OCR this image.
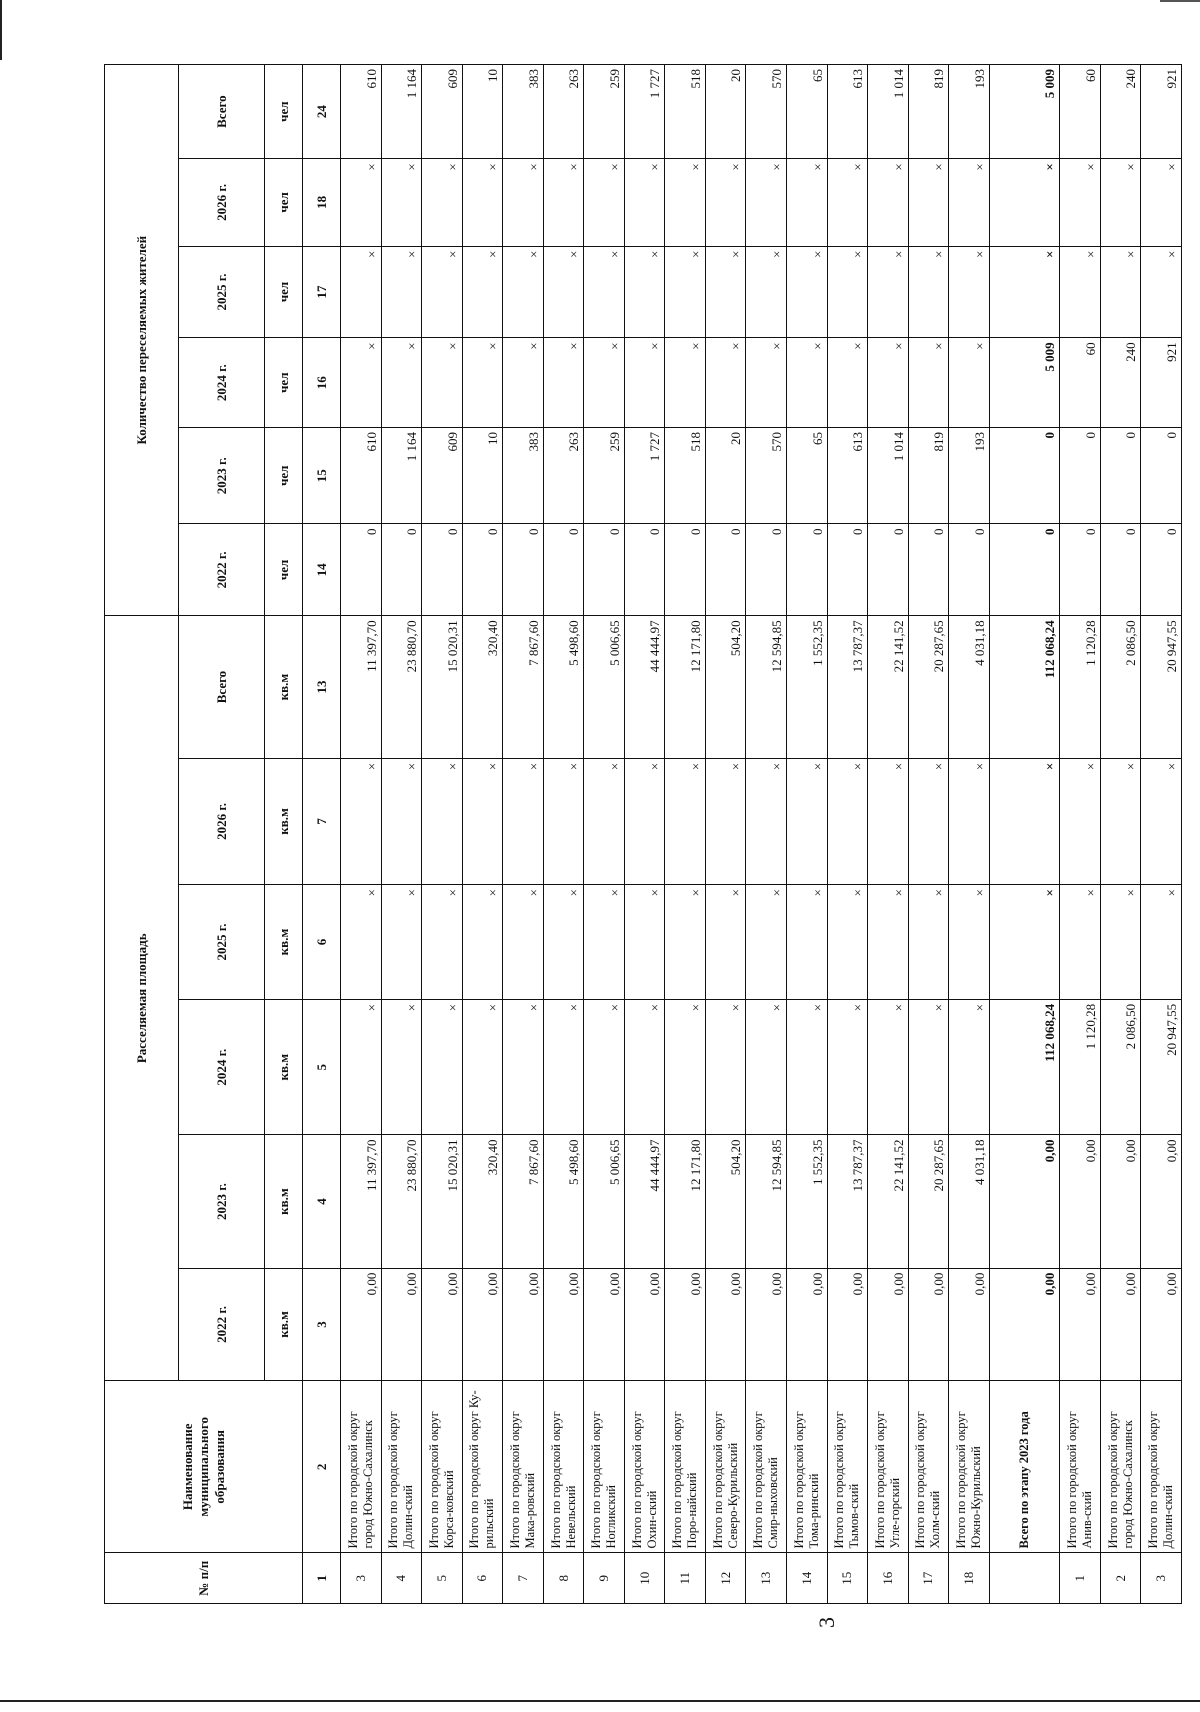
3
№ п/п	Наименование муниципального образования	Расселяемая площадь						Количество переселяемых жителей					
		2022 г.	2023 г.	2024 г.	2025 г.	2026 г.	Всего	2022 г.	2023 г.	2024 г.	2025 г.	2026 г.	Всего
		кв.м	кв.м	кв.м	кв.м	кв.м	кв.м	чел	чел	чел	чел	чел	чел
1	2	3	4	5	6	7	13	14	15	16	17	18	24
3	Итого по городской округ город Южно-Сахалинск	0,00	11 397,70	×	×	×	11 397,70	0	610	×	×	×	610
4	Итого по городской округ Долин-ский	0,00	23 880,70	×	×	×	23 880,70	0	1 164	×	×	×	1 164
5	Итого по городской округ Корса-ковский	0,00	15 020,31	×	×	×	15 020,31	0	609	×	×	×	609
6	Итого по городской округ Ку-рильский	0,00	320,40	×	×	×	320,40	0	10	×	×	×	10
7	Итого по городской округ Мака-ровский	0,00	7 867,60	×	×	×	7 867,60	0	383	×	×	×	383
8	Итого по городской округ Невельский	0,00	5 498,60	×	×	×	5 498,60	0	263	×	×	×	263
9	Итого по городской округ Ногликский	0,00	5 006,65	×	×	×	5 006,65	0	259	×	×	×	259
10	Итого по городской округ Охин-ский	0,00	44 444,97	×	×	×	44 444,97	0	1 727	×	×	×	1 727
11	Итого по городской округ Поро-найский	0,00	12 171,80	×	×	×	12 171,80	0	518	×	×	×	518
12	Итого по городской округ Северо-Курильский	0,00	504,20	×	×	×	504,20	0	20	×	×	×	20
13	Итого по городской округ Смир-ныховский	0,00	12 594,85	×	×	×	12 594,85	0	570	×	×	×	570
14	Итого по городской округ Тома-ринский	0,00	1 552,35	×	×	×	1 552,35	0	65	×	×	×	65
15	Итого по городской округ Тымов-ский	0,00	13 787,37	×	×	×	13 787,37	0	613	×	×	×	613
16	Итого по городской округ Угле-горский	0,00	22 141,52	×	×	×	22 141,52	0	1 014	×	×	×	1 014
17	Итого по городской округ Холм-ский	0,00	20 287,65	×	×	×	20 287,65	0	819	×	×	×	819
18	Итого по городской округ Южно-Курильский	0,00	4 031,18	×	×	×	4 031,18	0	193	×	×	×	193
	Всего по этапу 2023 года	0,00	0,00	112 068,24	×	×	112 068,24	0	0	5 009	×	×	5 009
1	Итого по городской округ Анив-ский	0,00	0,00	1 120,28	×	×	1 120,28	0	0	60	×	×	60
2	Итого по городской округ город Южно-Сахалинск	0,00	0,00	2 086,50	×	×	2 086,50	0	0	240	×	×	240
3	Итого по городской округ Долин-ский	0,00	0,00	20 947,55	×	×	20 947,55	0	0	921	×	×	921
